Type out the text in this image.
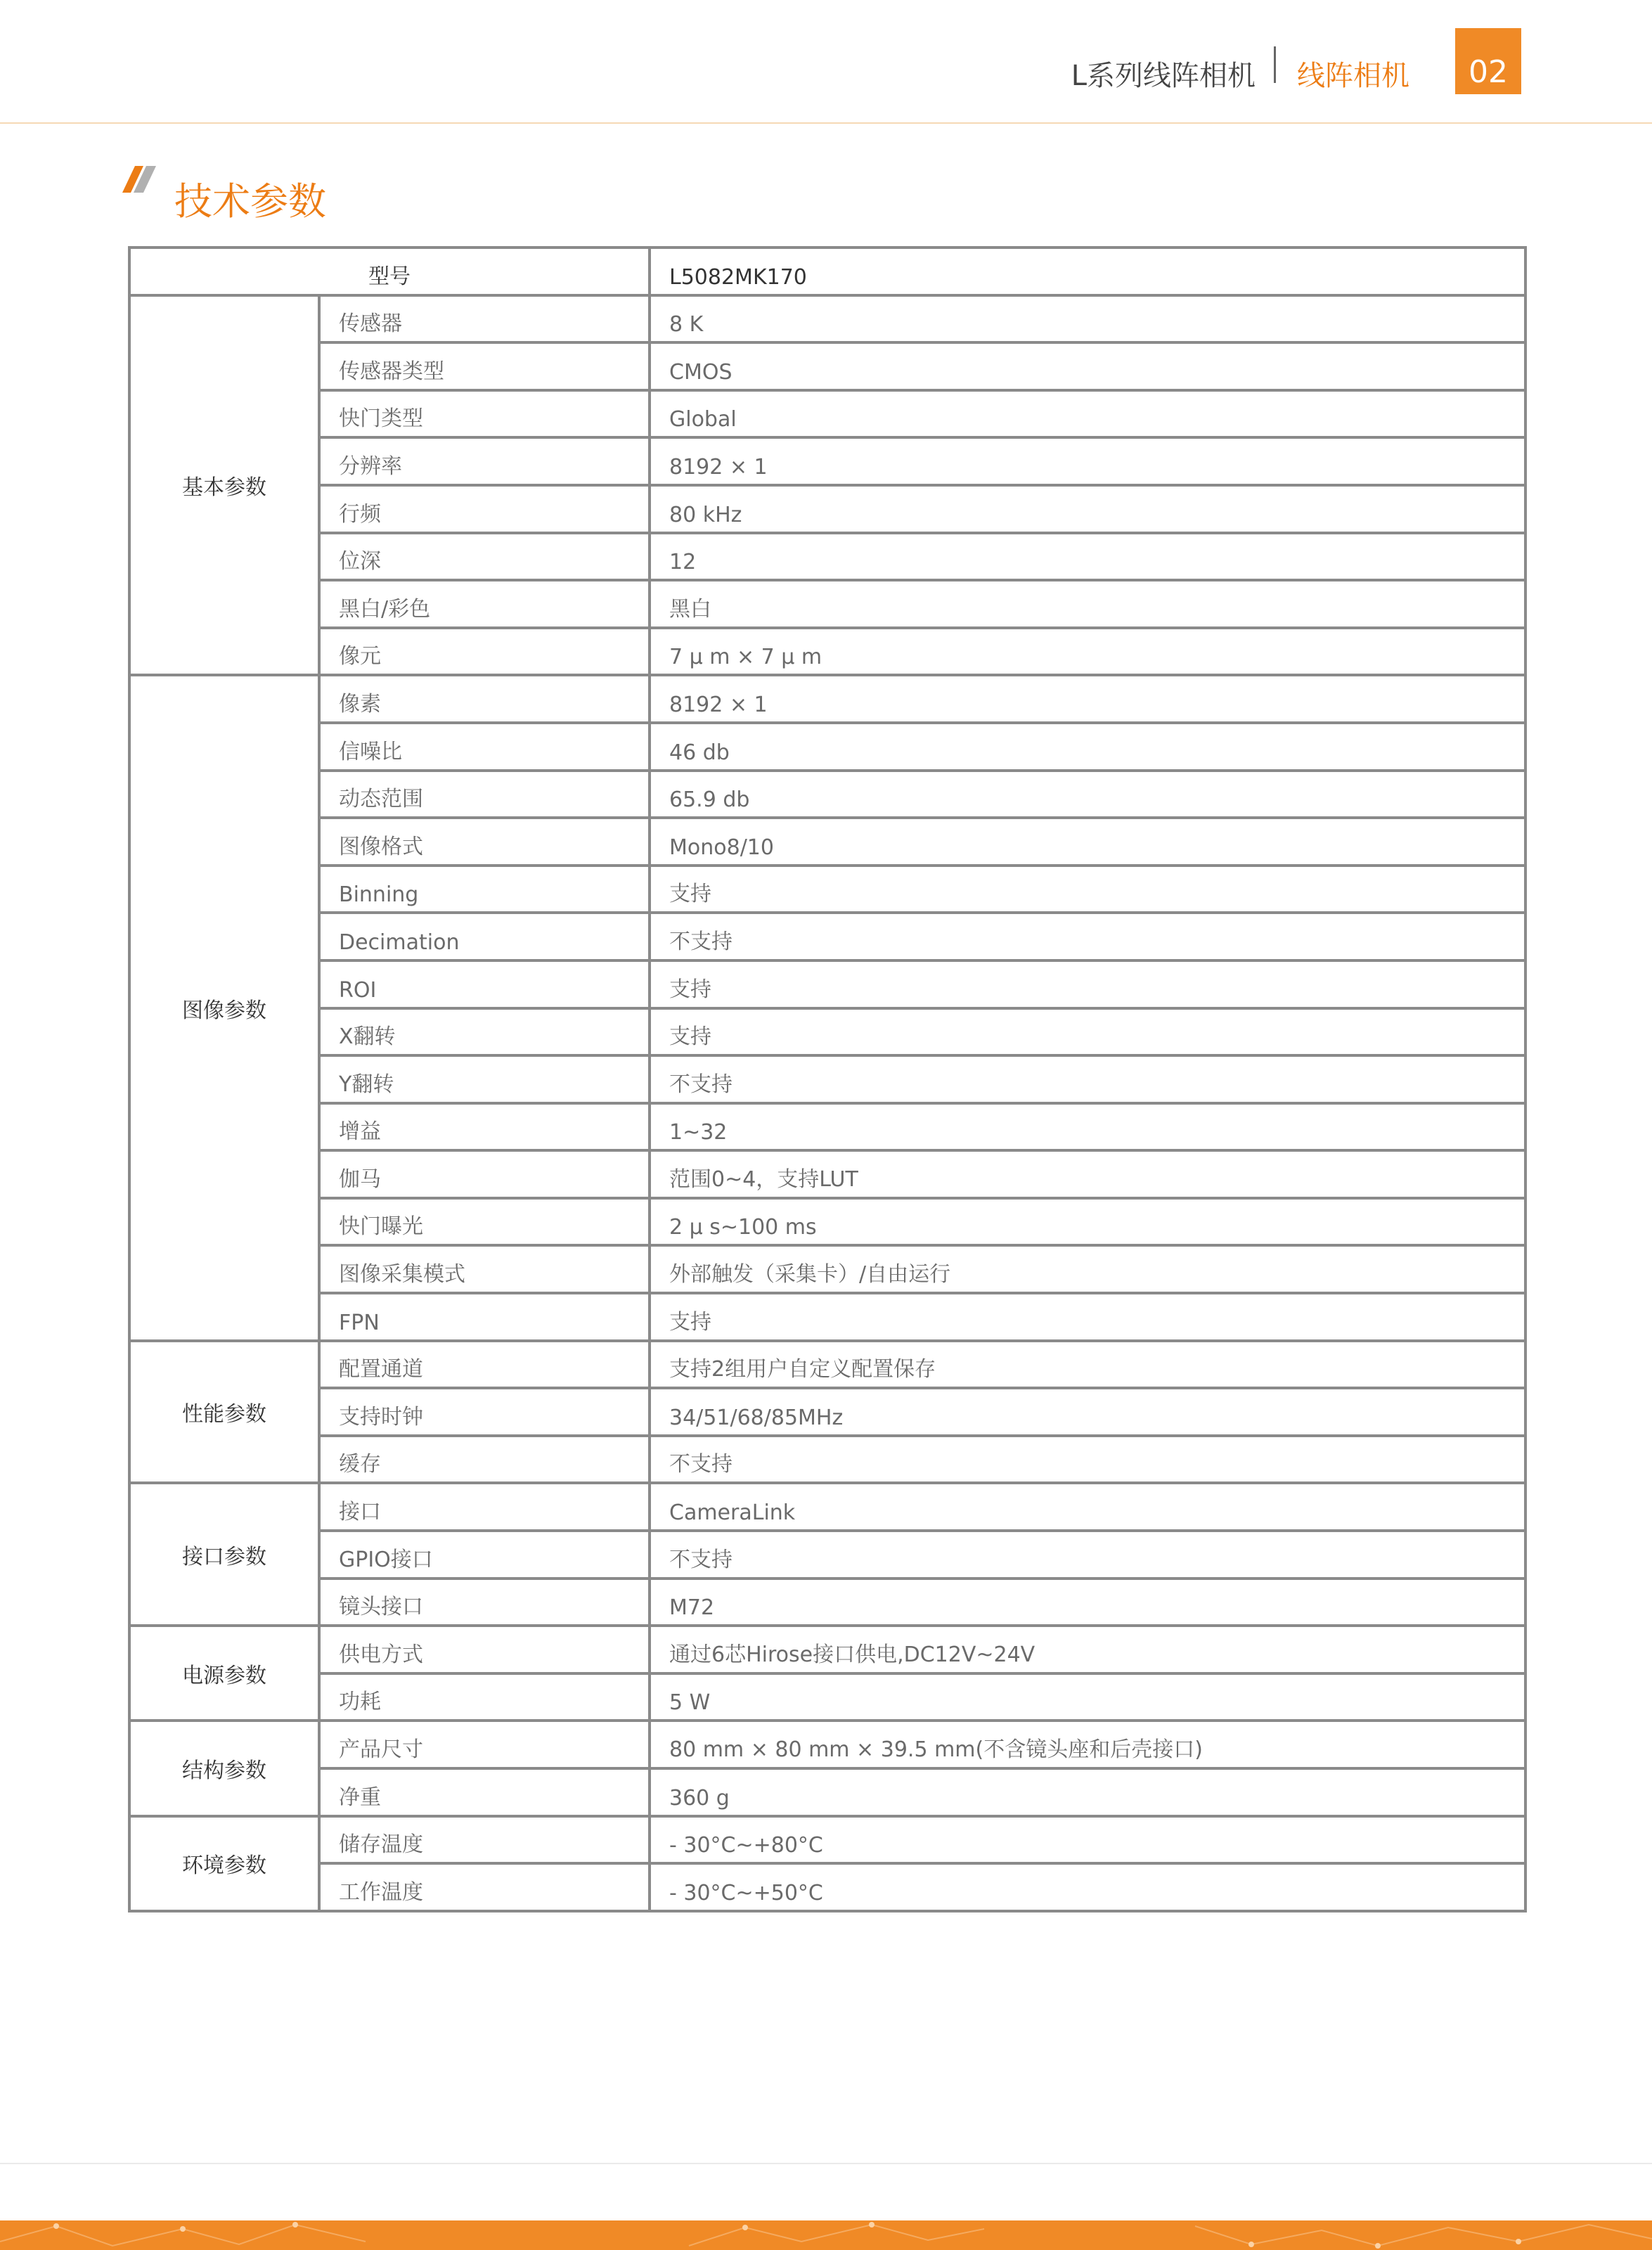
L系列线阵相机 线阵相机	02
技术参数
型号		L5082MK170
基本参数	传感器	8 K
	传感器类型	CMOS
	快门类型	Global
	分辨率	8192 × 1
	行频	80 kHz
	位深	12
	黑白/彩色	黑白
	像元	7 μ m × 7 μ m
图像参数	像素	8192 × 1
	信噪比	46 db
	动态范围	65.9 db
	图像格式	Mono8/10
	Binning	支持
	Decimation	不支持
	ROI	支持
	X翻转	支持
	Y翻转	不支持
	增益	1~32
	伽马	范围0~4，支持LUT
	快门曝光	2 μ s~100 ms
	图像采集模式	外部触发（采集卡）/自由运行
	FPN	支持
性能参数	配置通道	支持2组用户自定义配置保存
	支持时钟	34/51/68/85MHz
	缓存	不支持
接口参数	接口	CameraLink
	GPIO接口	不支持
	镜头接口	M72
电源参数	供电方式	通过6芯Hirose接口供电,DC12V~24V
	功耗	5 W
结构参数	产品尺寸	80 mm × 80 mm × 39.5 mm(不含镜头座和后壳接口)
	净重	360 g
环境参数	储存温度	- 30°C~+80°C
	工作温度	- 30°C~+50°C
